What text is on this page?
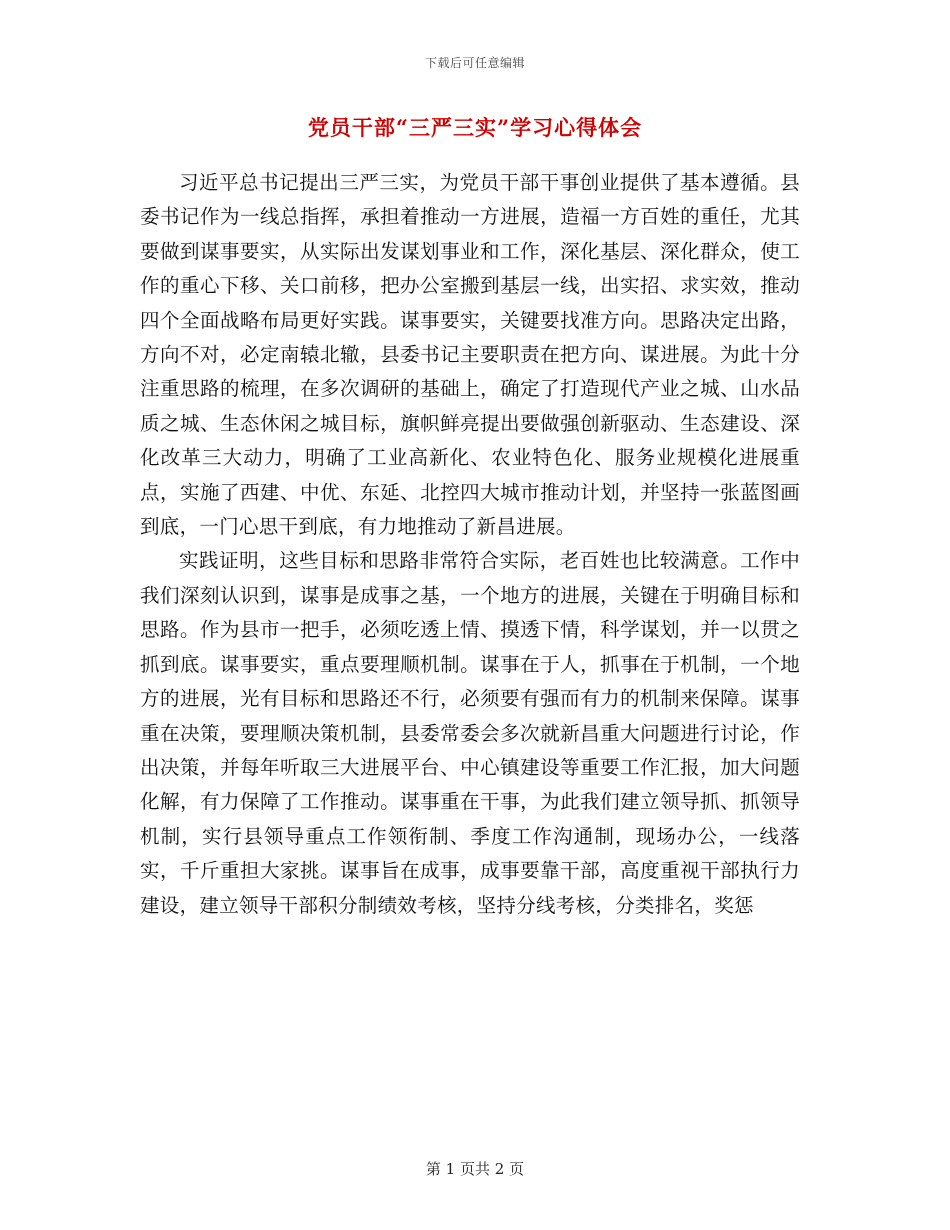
下载后可任意编辑
党员干部“三严三实”学习心得体会

习近平总书记提出三严三实，为党员干部干事创业提供了基本遵循。县委书记作为一线总指挥，承担着推动一方进展，造福一方百姓的重任，尤其要做到谋事要实，从实际出发谋划事业和工作，深化基层、深化群众，使工作的重心下移、关口前移，把办公室搬到基层一线，出实招、求实效，推动四个全面战略布局更好实践。谋事要实，关键要找准方向。思路决定出路，方向不对，必定南辕北辙，县委书记主要职责在把方向、谋进展。为此十分注重思路的梳理，在多次调研的基础上，确定了打造现代产业之城、山水品质之城、生态休闲之城目标，旗帜鲜亮提出要做强创新驱动、生态建设、深化改革三大动力，明确了工业高新化、农业特色化、服务业规模化进展重点，实施了西建、中优、东延、北控四大城市推动计划，并坚持一张蓝图画到底，一门心思干到底，有力地推动了新昌进展。

实践证明，这些目标和思路非常符合实际，老百姓也比较满意。工作中我们深刻认识到，谋事是成事之基，一个地方的进展，关键在于明确目标和思路。作为县市一把手，必须吃透上情、摸透下情，科学谋划，并一以贯之抓到底。谋事要实，重点要理顺机制。谋事在于人，抓事在于机制，一个地方的进展，光有目标和思路还不行，必须要有强而有力的机制来保障。谋事重在决策，要理顺决策机制，县委常委会多次就新昌重大问题进行讨论，作出决策，并每年听取三大进展平台、中心镇建设等重要工作汇报，加大问题化解，有力保障了工作推动。谋事重在干事，为此我们建立领导抓、抓领导机制，实行县领导重点工作领衔制、季度工作沟通制，现场办公，一线落实，千斤重担大家挑。谋事旨在成事，成事要靠干部，高度重视干部执行力建设，建立领导干部积分制绩效考核，坚持分线考核，分类排名，奖惩

第 1 页共 2 页
